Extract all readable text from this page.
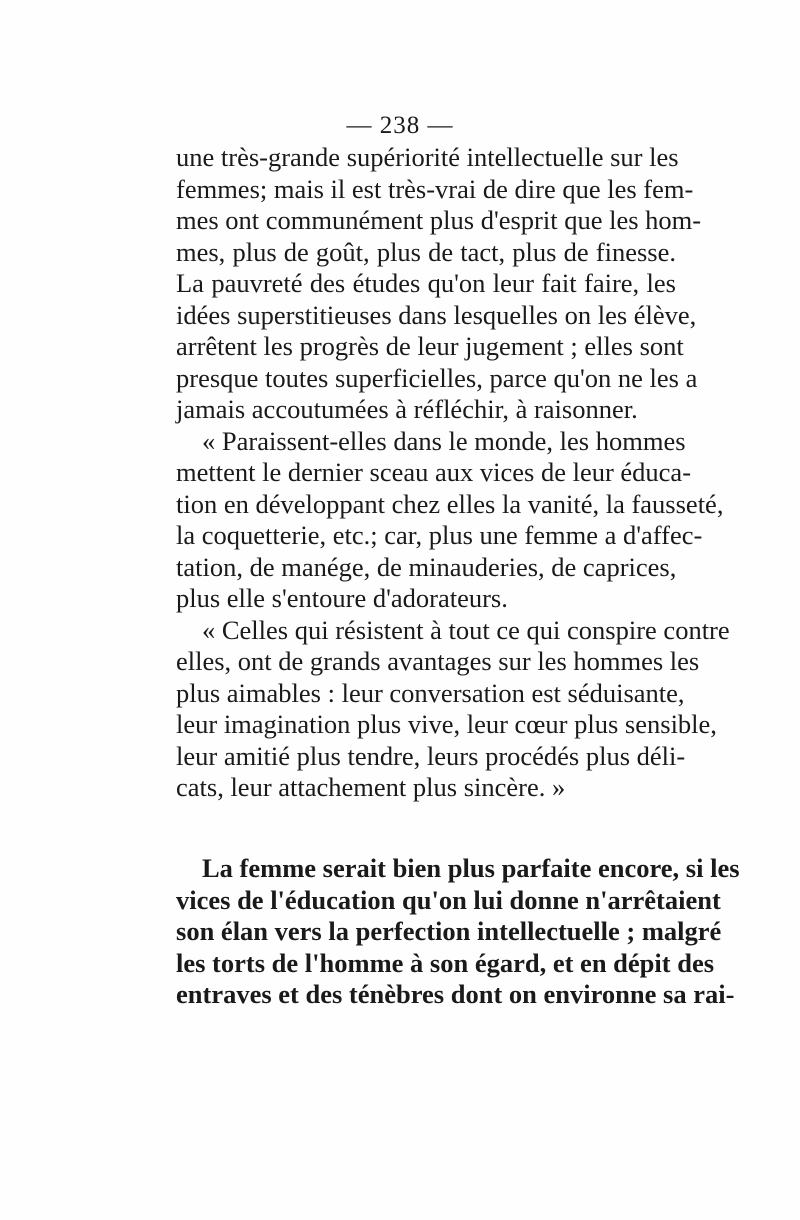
— 238 —
une très-grande supériorité intellectuelle sur les
femmes; mais il est très-vrai de dire que les fem-
mes ont communément plus d'esprit que les hom-
mes, plus de goût, plus de tact, plus de finesse.
La pauvreté des études qu'on leur fait faire, les
idées superstitieuses dans lesquelles on les élève,
arrêtent les progrès de leur jugement ; elles sont
presque toutes superficielles, parce qu'on ne les a
jamais accoutumées à réfléchir, à raisonner.
« Paraissent-elles dans le monde, les hommes
mettent le dernier sceau aux vices de leur éduca-
tion en développant chez elles la vanité, la fausseté,
la coquetterie, etc.; car, plus une femme a d'affec-
tation, de manége, de minauderies, de caprices,
plus elle s'entoure d'adorateurs.
« Celles qui résistent à tout ce qui conspire contre
elles, ont de grands avantages sur les hommes les
plus aimables : leur conversation est séduisante,
leur imagination plus vive, leur cœur plus sensible,
leur amitié plus tendre, leurs procédés plus déli-
cats, leur attachement plus sincère. »
La femme serait bien plus parfaite encore, si les
vices de l'éducation qu'on lui donne n'arrêtaient
son élan vers la perfection intellectuelle ; malgré
les torts de l'homme à son égard, et en dépit des
entraves et des ténèbres dont on environne sa rai-
